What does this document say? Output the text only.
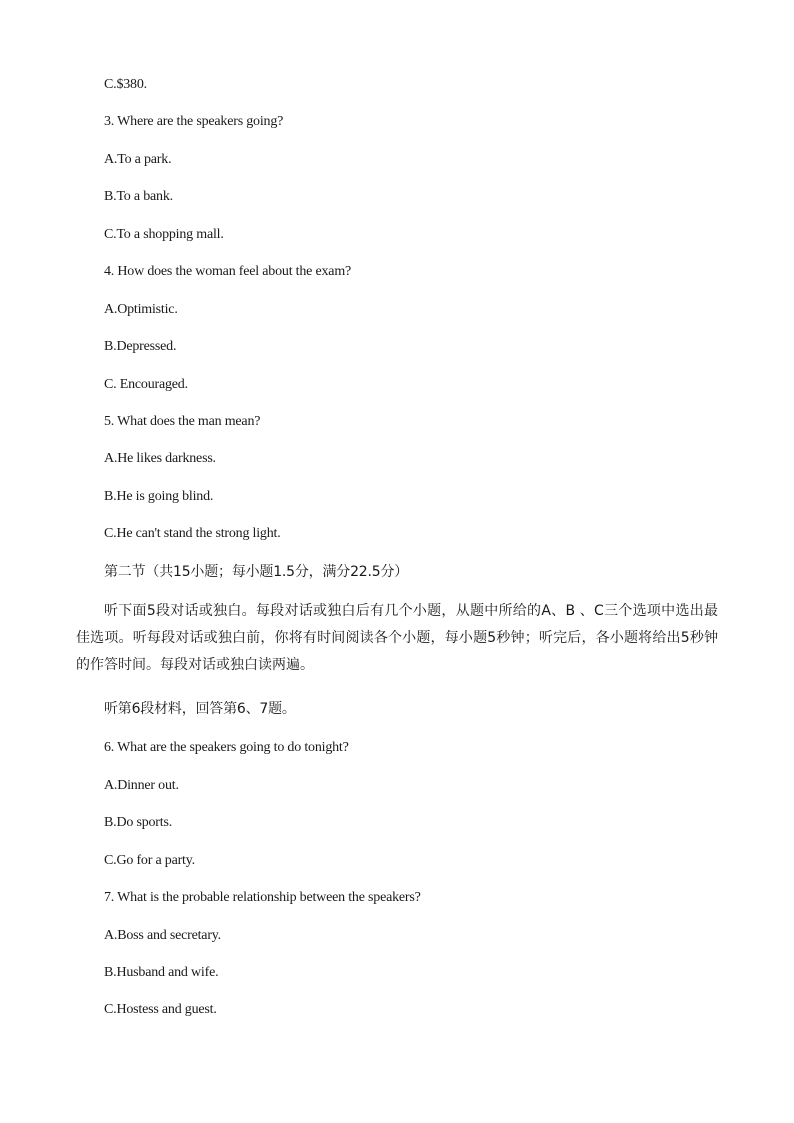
C.$380.
3. Where are the speakers going?
A.To a park.
B.To a bank.
C.To a shopping mall.
4. How does the woman feel about the exam?
A.Optimistic.
B.Depressed.
C. Encouraged.
5. What does the man mean?
A.He likes darkness.
B.He is going blind.
C.He can't stand the strong light.
第二节（共15小题；每小题1.5分，满分22.5分）
听下面5段对话或独白。每段对话或独白后有几个小题，从题中所给的A、B 、C三个选项中选出最佳选项。听每段对话或独白前，你将有时间阅读各个小题，每小题5秒钟；听完后，各小题将给出5秒钟的作答时间。每段对话或独白读两遍。
听第6段材料，回答第6、7题。
6. What are the speakers going to do tonight?
A.Dinner out.
B.Do sports.
C.Go for a party.
7. What is the probable relationship between the speakers?
A.Boss and secretary.
B.Husband and wife.
C.Hostess and guest.
